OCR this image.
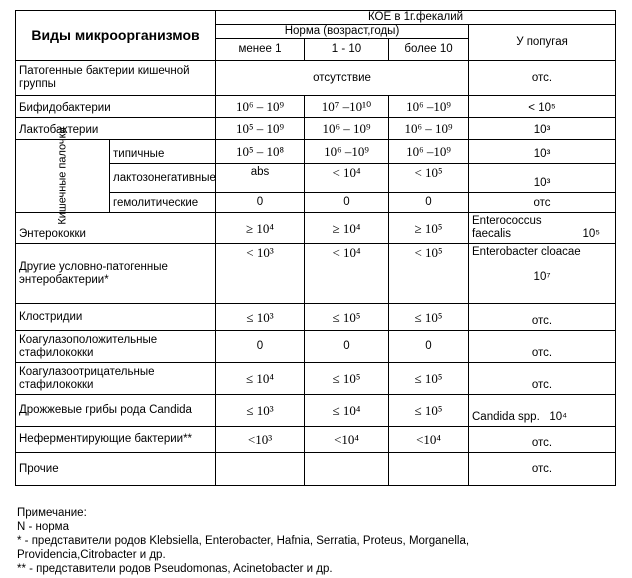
Виды микроорганизмов		КОЕ в 1г.фекалий			
		Норма (возраст,годы)			У попугая
		менее 1	1 - 10	более 10	
Патогенные бактерии кишечной группы		отсутствие			отс.
Бифидобактерии		10⁶ – 10⁹	10⁷ –10¹⁰	10⁶ –10⁹	< 10⁵
Лактобактерии		10⁵ – 10⁹	10⁶ – 10⁹	10⁶ – 10⁹	10³

Кишечные палочки	типичные	10⁵ – 10⁸	10⁶ –10⁹	10⁶ –10⁹	10³
	лактозонегативные	abs	< 10⁴	< 10⁵	10³
	гемолитические	0	0	0	отс
Энтерококки		≥ 10⁴	≥ 10⁴	≥ 10⁵	Enterococcus faecalis 10⁵

Другие условно-патогенные энтеробактерии*		< 10³	< 10⁴	< 10⁵	Enterobacter cloacae
10⁷

Клостридии		≤ 10³	≤ 10⁵	≤ 10⁵	отс.
Коагулазоположительные стафилококки		0	0	0	отс.
Коагулазоотрицательные стафилококки		≤ 10⁴	≤ 10⁵	≤ 10⁵	отс.
Дрожжевые грибы рода Candida		≤ 10³	≤ 10⁴	≤ 10⁵	Candida spp.   10⁴
Неферментирующие бактерии**		<10³	<10⁴	<10⁴	отс.
Прочие					отс.
Примечание:
N - норма
* - представители родов Klebsiella, Enterobacter, Hafnia, Serratia, Proteus, Morganella,
Providencia,Citrobacter и др.
** - представители родов Pseudomonas, Acinetobacter и др.
